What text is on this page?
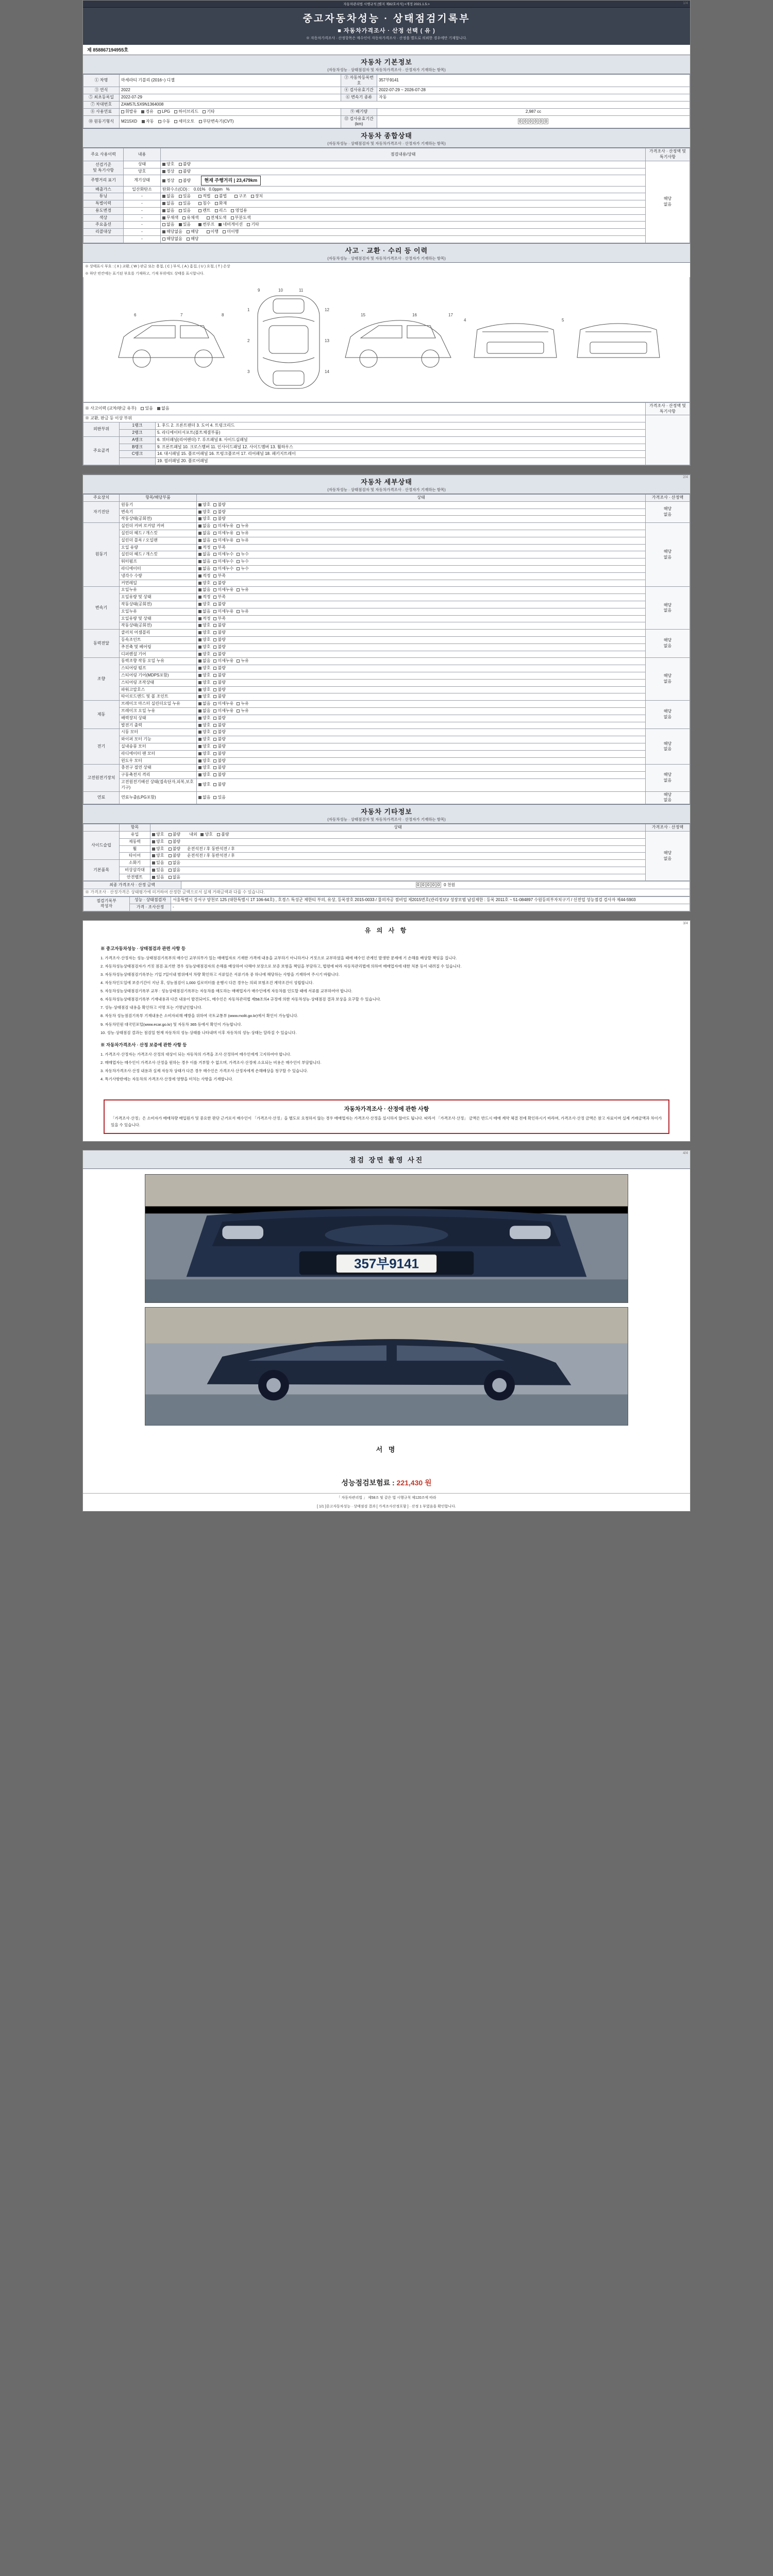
1/4
자동차관리법 시행규칙 [별지 제82호서식] <개정 2021.1.5.>
중고자동차성능 · 상태점검기록부
■ 자동차가격조사 · 산정 선택 ( 유 )
※ 자동차가격조사 · 산정항목은 매수인이 자동차가격조사 · 산정을 별도로 의뢰한 경우에만 기재합니다.
제 858867194955호
자동차 기본정보
(자동차성능 · 상태점검자 및 자동차가격조사 · 산정자가 기재하는 항목)
① 차명	마세라티 기블리 (2016~) 디젤	② 자동차등록번호	357부9141
③ 연식	2022	④ 검사유효기간	2022-07-29 ~ 2026-07-28
⑤ 최초등록일	2022-07-29	⑥ 변속기 종류	자동
⑦ 차대번호	ZAM57LSX9N1364008		
⑧ 사용연료	휘발유 경유 LPG 하이브리드 기타	⑨ 배기량	2,987 cc
⑩ 원동기형식	M215XD 자동 수동 세미오토 무단변속기(CVT)	⑫ 검사유효기간(km)	0 0 0 0 0 0
자동차 종합상태
(자동차성능 · 상태점검자 및 자동차가격조사 · 산정자가 기재하는 항목)
주요 사용이력	내용	점검내용/상태	가격조사 · 산정액 및 특기사항
선검기준
및 특기사항	상태	양호 불량	해당
없음
	양호	정상 불량	
주행거리 표기	계기상태	정상 불량 현재 주행거리 | 23,479km	
배출가스	일산화탄소	탄화수소(CO) : 0.01% 0.0ppm %	
튜닝	-	없음 있음 적법 불법 구조 장치	
특별이력	-	없음 있음 침수 화재	
용도변경	-	없음 있음 렌트 리스 영업용	
색상	-	무채색 유채색 전체도색 부분도색	
주요옵션	-	없음 있음 썬루프 네비게이션 기타	
리콜대상	-	해당없음 해당 이행 미이행	
	-	해당없음 해당	
사고 · 교환 · 수리 등 이력
(자동차성능 · 상태점검자 및 자동차가격조사 · 산정자가 기재하는 항목)
※ 상태표시 부호 : ( X ) 교환, ( W ) 판금 또는 용접, ( C ) 부식, ( A ) 흠집, ( U ) 요철, ( T ) 손상
※ 하단 빈칸에는 표기된 부호를 기재하고, 기재 부위에도 상태를 표시합니다.
9	10	11
12
13
14
1
2
3
4	5
6	7	8	15	16	17
※ 사고이력 (교차/판금 유무) 있음 없음			가격조사 · 산정액 및 특기사항
※ 교환, 판금 등 이상 부위			
외판부위	1랭크	1. 후드 2. 프론트팬더 3. 도어 4. 트렁크리드	
	2랭크	5. 라디에이터서포트(볼트체결부품)	
주요골격	A랭크	6. 쿼터패널(리어팬더) 7. 루프패널 8. 사이드실패널	
	B랭크	9. 프론트패널 10. 크로스멤버 11. 인사이드패널 12. 사이드멤버 13. 휠하우스	
	C랭크	14. 대시패널 15. 플로어패널 16. 트렁크플로어 17. 리어패널 18. 패키지트레이	
		19. 필러패널 20. 플로어패널	
2/4
자동차 세부상태
(자동차성능 · 상태점검자 및 자동차가격조사 · 산정자가 기재하는 항목)
주요장치	항목/해당부품	상태	가격조사 · 산정액
자기진단	원동기	양호 불량	해당
없음
	변속기	양호 불량	
	작동상태(공회전)	양호 불량	
원동기	실린더 커버 로커암 커버	없음 미세누유 누유	해당
없음
	실린더 헤드 / 개스킷	없음 미세누유 누유	
	실린더 블록 / 오일팬	없음 미세누유 누유	
	오일 유량	적정 부족	
	실린더 헤드 / 개스킷	없음 미세누수 누수	
	워터펌프	없음 미세누수 누수	
	라디에이터	없음 미세누수 누수	
	냉각수 수량	적정 부족	
	커먼레일	양호 불량	
변속기	오일누유	없음 미세누유 누유	해당
없음
	오일유량 및 상태	적정 부족	
	작동상태(공회전)	양호 불량	
	오일누유	없음 미세누유 누유	
	오일유량 및 상태	적정 부족	
	작동상태(공회전)	양호 불량	
동력전달	클러치 어셈블리	양호 불량	해당
없음
	등속조인트	양호 불량	
	추진축 및 베어링	양호 불량	
	디퍼렌셜 기어	양호 불량	
조향	동력조향 작동 오일 누유	없음 미세누유 누유	해당
없음
	스티어링 펌프	양호 불량	
	스티어링 기어(MDPS포함)	양호 불량	
	스티어링 조작상태	양호 불량	
	파워고압호스	양호 불량	
	타이로드엔드 및 볼 조인트	양호 불량	
제동	브레이크 마스터 실린더오일 누유	없음 미세누유 누유	해당
없음
	브레이크 오일 누유	없음 미세누유 누유	
	배력장치 상태	양호 불량	
	발전기 출력	양호 불량	
전기	시동 모터	양호 불량	해당
없음
	와이퍼 모터 기능	양호 불량	
	실내송풍 모터	양호 불량	
	라디에이터 팬 모터	양호 불량	
	윈도우 모터	양호 불량	
고전원전기장치	충전구 절연 상태	양호 불량	해당
없음
	구동축전지 격리	양호 불량	
	고전원전기배선 상태(접속단자,피복,보호기구)	양호 불량	
연료	연료누출(LPG포함)	없음 있음	해당
없음
자동차 기타정보
(자동차성능 · 상태점검자 및 자동차가격조사 · 산정자가 기재하는 항목)
	항목	상태	가격조사 · 산정액
사이드슬립	유입	양호 불량 내외 양호 불량	해당
없음
	제동력	양호 불량	
	휠	양호 불량 운전석전 / 후 동반석전 / 후	
	타이어	양호 불량 운전석전 / 후 동반석전 / 후	
기본품목	소화기	있음 없음	
	비상삼각대	있음 없음	
	안전벨트	있음 없음	
최종 가격조사 · 산정 금액	0 0 0 0 0 0 천원
※ 가격조사 · 산정가격은 상태평가에 의거하여 산정한 금액으로서 실제 거래금액과 다를 수 있습니다.
점검기록부
작성자	성능 · 상태점검자	서울특별시 강서구 양천로 125 (대한특별시 1T 106-64호) , 호경스 특성군 제한티 부의, 유상, 등록장호 2015-0033 / 물의자공 점비업 제2015번호(관리정보)/ 성장모범 남길제한 : 등록 2011호 ~ 51-084897 수원등의부자치구기 / 신전업 성능점검 검사자 제44-5903
	가격 · 조사산정	-
3/4
유 의 사 항
※ 중고자동차성능 · 상태점검과 관련 사항 등

1. 가격조사·산정자는 성능·상태점검기록부의 매수인 교부의무가 있는 매매업자로 기재한 가격에 내용을 교부하기 아니하거나 거짓으로 교부하였을 때에 매수인 관계인 발생한 문제에 기 손해를 배상할 책임을 집니다.

2. 자동차성능상태점검자가 거짓 점검·표기한 경우 성능상태점검자의 손해를 배상하여 다해야 보장으로 보증 보험을 책임을 부담하고, 법령에 따라 자동차관리법에 의하여 매매업자에 대한 처분 등이 내려질 수 있습니다.

3. 자동차성능상태점검기록부는 기입 7일이내 범위에서 차량 확인하고 서류일은 서류기록 중 하나에 해당하는 사항을 기재하여 주시기 바랍니다.

4. 자동차인도일에 보증기간이 지난 후, 성능점검이 1,000 킬로미터를 운행시 다른 경우는 의뢰 보험조건 계약조건이 성립합니다.

5. 자동차성능상태점검기록부 교부 : 성능상태점검기록부는 자동차를 매도하는 매매업자가 매수인에게 자동차를 인도할 때에 서류를 교부하여야 합니다.

6. 자동차성능상태점검기록부 기재내용과 다른 내용이 발견되어도, 매수인은 자동차관리법 제58조의4 규정에 의한 자동차성능·상태점검 결과 보상을 요구할 수 있습니다.

7. 성능·상태점검 내용을 확인하고 서명 또는 기명날인합니다.

8. 자동차 성능점검기록부 기재내용은 소비자피해 예방을 위하여 국토교통부 (www.molit.go.kr)에서 확인이 가능합니다.

9. 자동차민원 대국민포털(www.ecar.go.kr) 및 자동차 365 등에서 확인이 가능합니다.

10. 성능·상태점검 결과는 점검일 현재 자동차의 성능·상태를 나타내며 이후 자동차의 성능·상태는 달라질 수 있습니다.

※ 자동차가격조사 · 산정 보증에 관한 사항 등

1. 가격조사·산정자는 가격조사·산정의 대상이 되는 자동차의 가격을 조사·산정하여 매수인에게 고지하여야 합니다.

2. 매매업자는 매수인이 가격조사·산정을 원하는 경우 이를 거부할 수 없으며, 가격조사·산정에 소요되는 비용은 매수인이 부담합니다.

3. 자동차가격조사·산정 내용과 실제 자동차 상태가 다른 경우 매수인은 가격조사·산정자에게 손해배상을 청구할 수 있습니다.

4. 특기사항란에는 자동차의 가격조사·산정에 영향을 미치는 사항을 기재합니다.

자동차가격조사 · 산정에 관한 사항
「가격조사·산정」은 소비자가 매매차량 매입원가 및 중요한 판단 근거로서 매수인이 「가격조사·산정」을 별도로 요청하지 않는 경우 매매업자는 가격조사·산정을 실시하지 않아도 됩니다. 따라서 「가격조사·산정」 금액은 반드시 매매 계약 체결 전에 확인하시기 바라며, 가격조사·산정 금액은 참고 자료이며 실제 거래금액과 차이가 있을 수 있습니다.
4/4
점검 장면 촬영 사진
357부9141
서 명
성능점검보험료 : 221,430 원
「 자동차관리법 」 제58조 및 같은 법 시행규칙 제120조에 따라
[ 1/1 ]중고자동차성능 · 상태점검 결과 [ 가격조사산정포함 ] · 산정 1 부였음을 확인합니다.
